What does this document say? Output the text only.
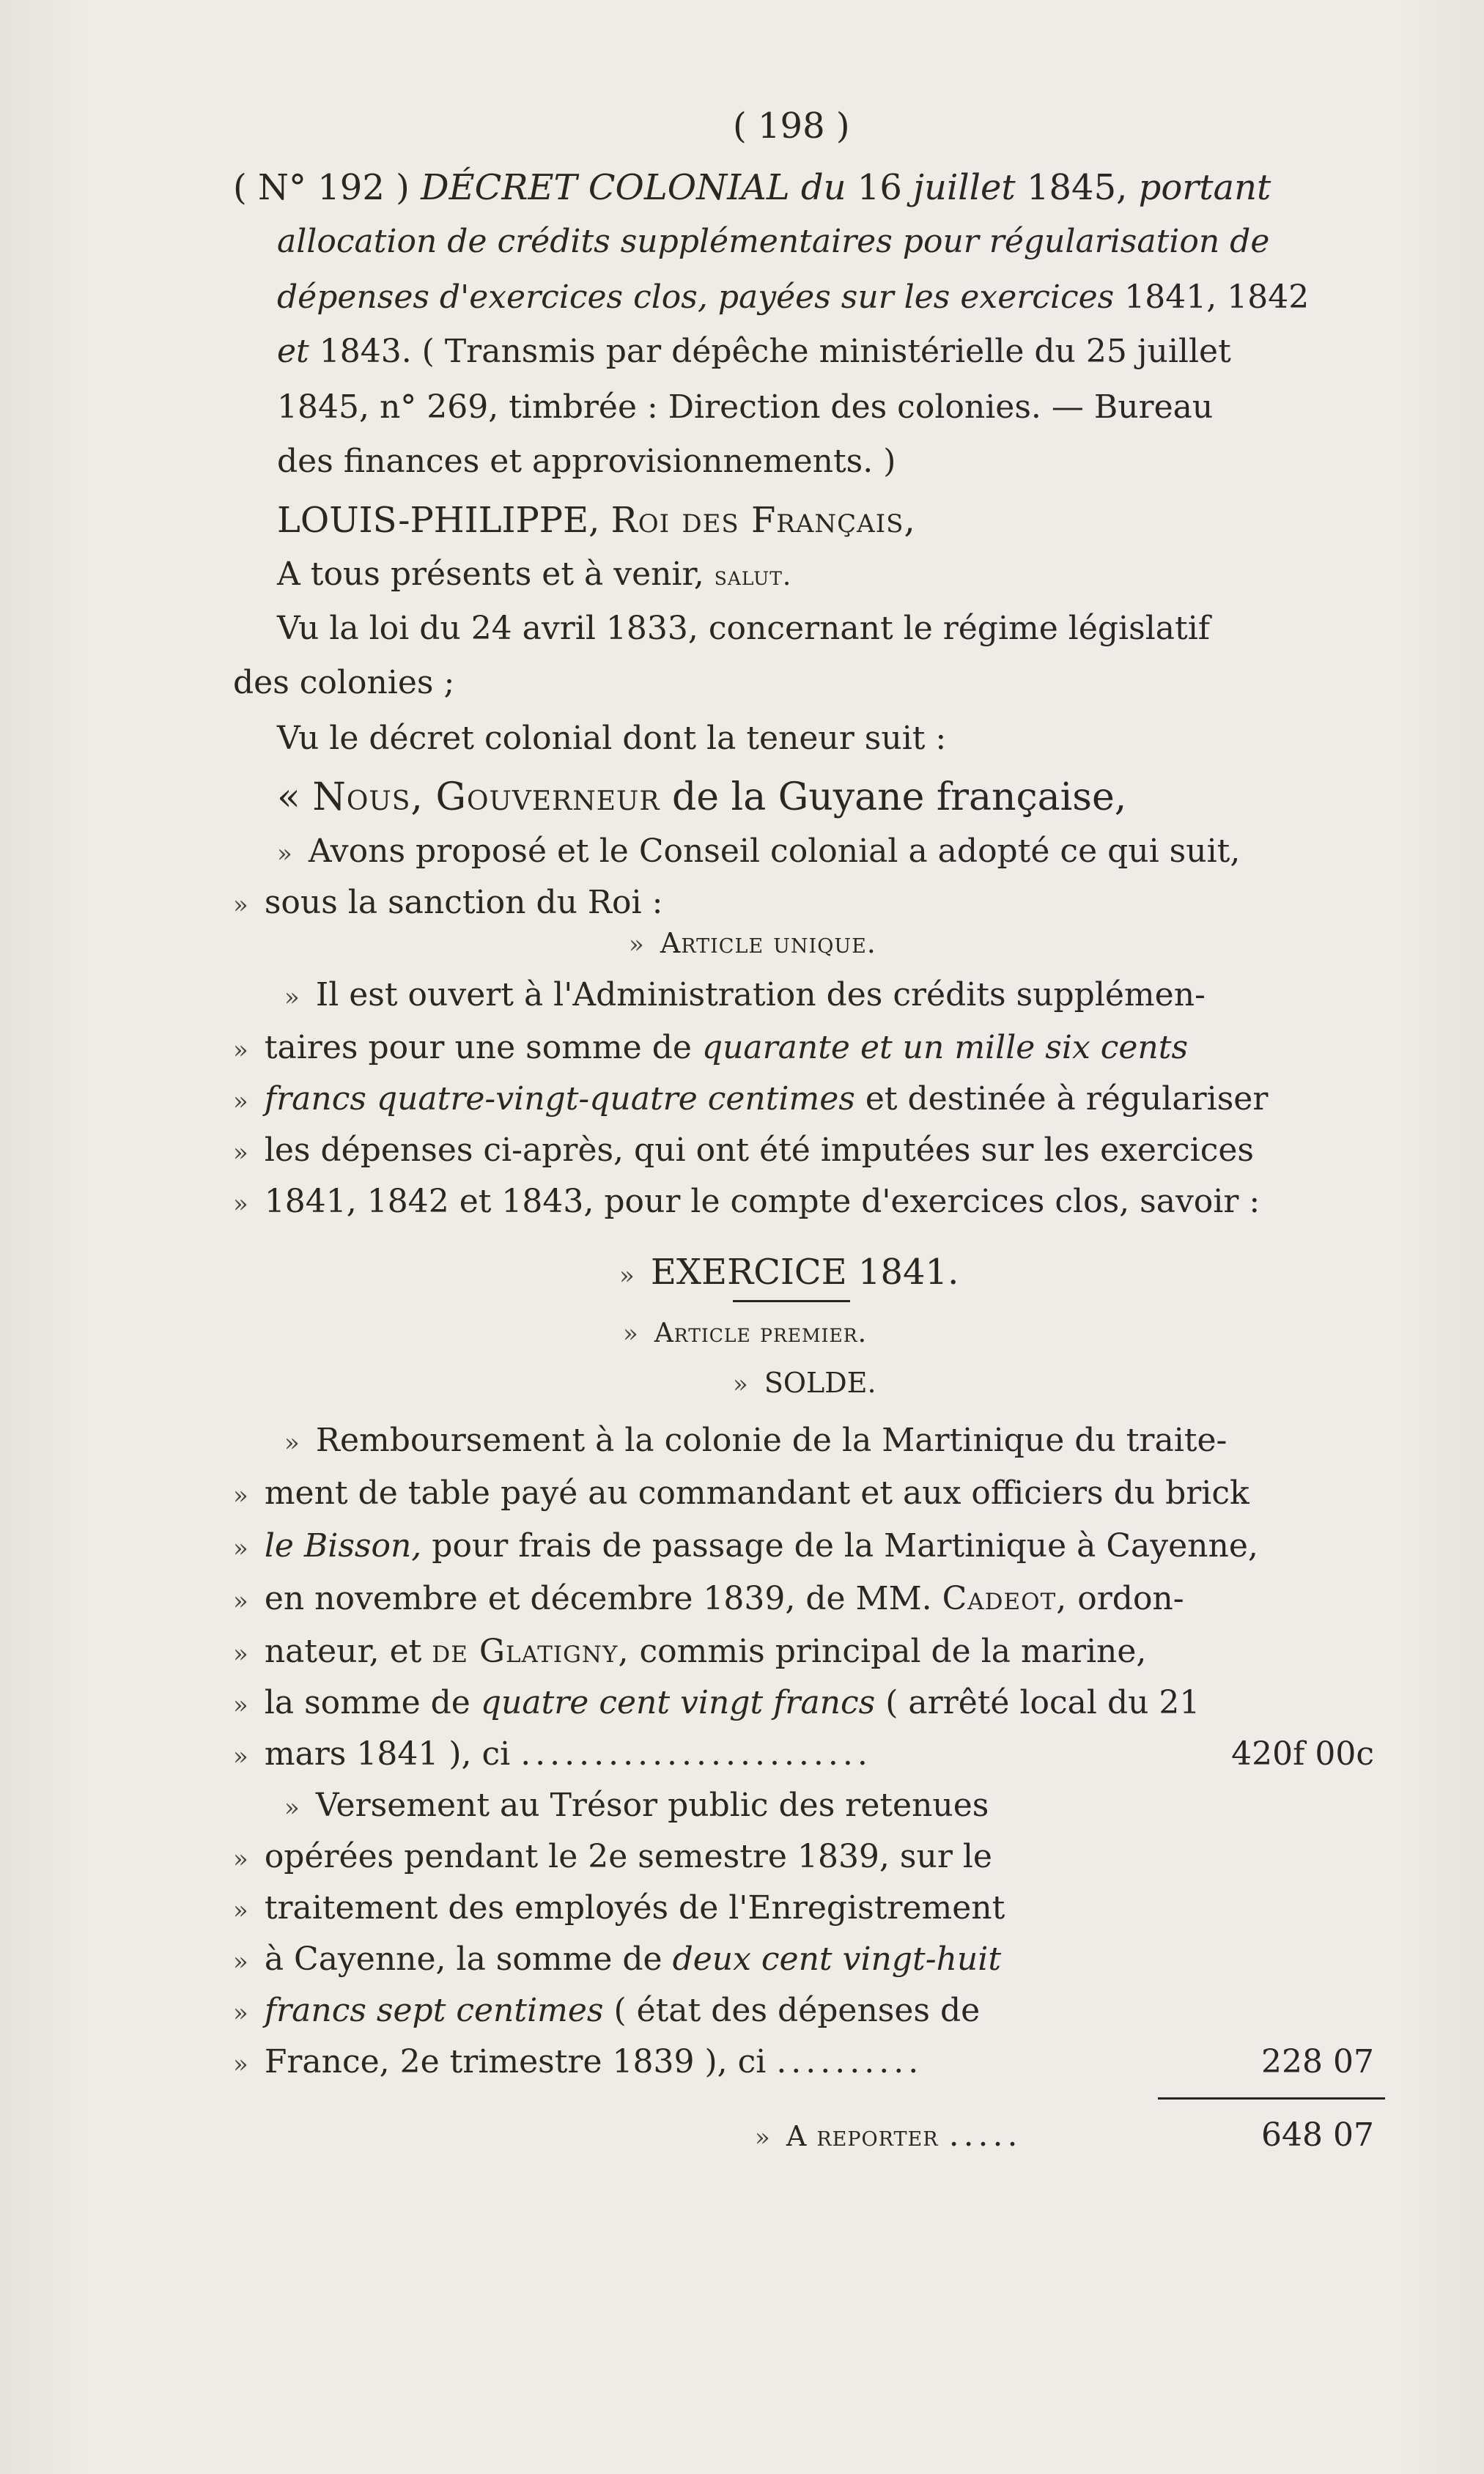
( 198 )
( N° 192 ) DÉCRET COLONIAL du 16 juillet 1845, portant
allocation de crédits supplémentaires pour régularisation de
dépenses d'exercices clos, payées sur les exercices 1841, 1842
et 1843. ( Transmis par dépêche ministérielle du 25 juillet
1845, n° 269, timbrée : Direction des colonies. — Bureau
des finances et approvisionnements. )
LOUIS-PHILIPPE, Roi des Français,
A tous présents et à venir, salut.
Vu la loi du 24 avril 1833, concernant le régime législatif
des colonies ;
Vu le décret colonial dont la teneur suit :
« Nous, Gouverneur de la Guyane française,
» Avons proposé et le Conseil colonial a adopté ce qui suit,
» sous la sanction du Roi :
» Article unique.
» Il est ouvert à l'Administration des crédits supplémen-
» taires pour une somme de quarante et un mille six cents
» francs quatre-vingt-quatre centimes et destinée à régulariser
» les dépenses ci-après, qui ont été imputées sur les exercices
» 1841, 1842 et 1843, pour le compte d'exercices clos, savoir :
» EXERCICE 1841.
» Article premier.
» SOLDE.
» Remboursement à la colonie de la Martinique du traite-
» ment de table payé au commandant et aux officiers du brick
» le Bisson, pour frais de passage de la Martinique à Cayenne,
» en novembre et décembre 1839, de MM. Cadeot, ordon-
» nateur, et de Glatigny, commis principal de la marine,
» la somme de quatre cent vingt francs ( arrêté local du 21
» mars 1841 ), ci ........................	420f 00c
» Versement au Trésor public des retenues
» opérées pendant le 2e semestre 1839, sur le
» traitement des employés de l'Enregistrement
» à Cayenne, la somme de deux cent vingt-huit
» francs sept centimes ( état des dépenses de
» France, 2e trimestre 1839 ), ci ..........	228 07
» A reporter .....	648 07
